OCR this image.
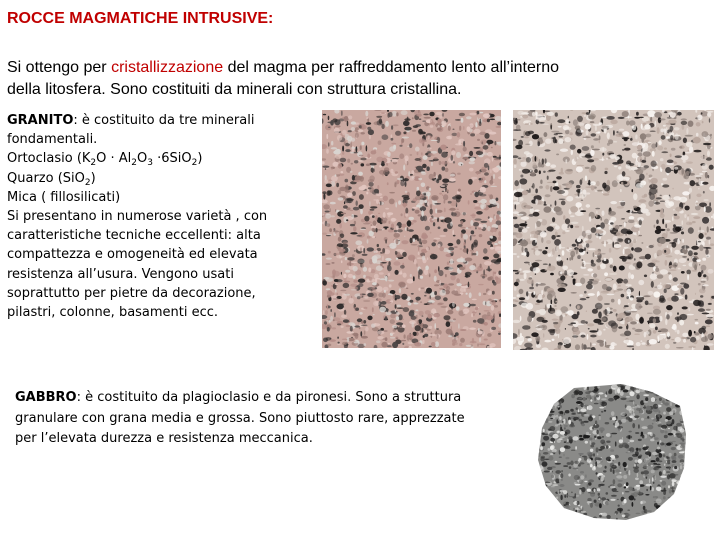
ROCCE MAGMATICHE INTRUSIVE:
Si ottengo per cristallizzazione del magma per raffreddamento lento all’interno
della litosfera. Sono costituiti da minerali con struttura cristallina.
GRANITO: è costituito da tre minerali
fondamentali.
Ortoclasio $(K_2O \cdot Al_2O_3 \cdot 6SiO_2)$
Quarzo (SiO$_2$)
Mica ( fillosilicati)
Si presentano in numerose varietà , con
caratteristiche tecniche eccellenti: alta
compattezza e omogeneità ed elevata
resistenza all’usura. Vengono usati
soprattutto per pietre da decorazione,
pilastri, colonne, basamenti ecc.
GABBRO: è costituito da plagioclasio e da pironesi. Sono a struttura
granulare con grana media e grossa. Sono piuttosto rare, apprezzate
per l’elevata durezza e resistenza meccanica.
